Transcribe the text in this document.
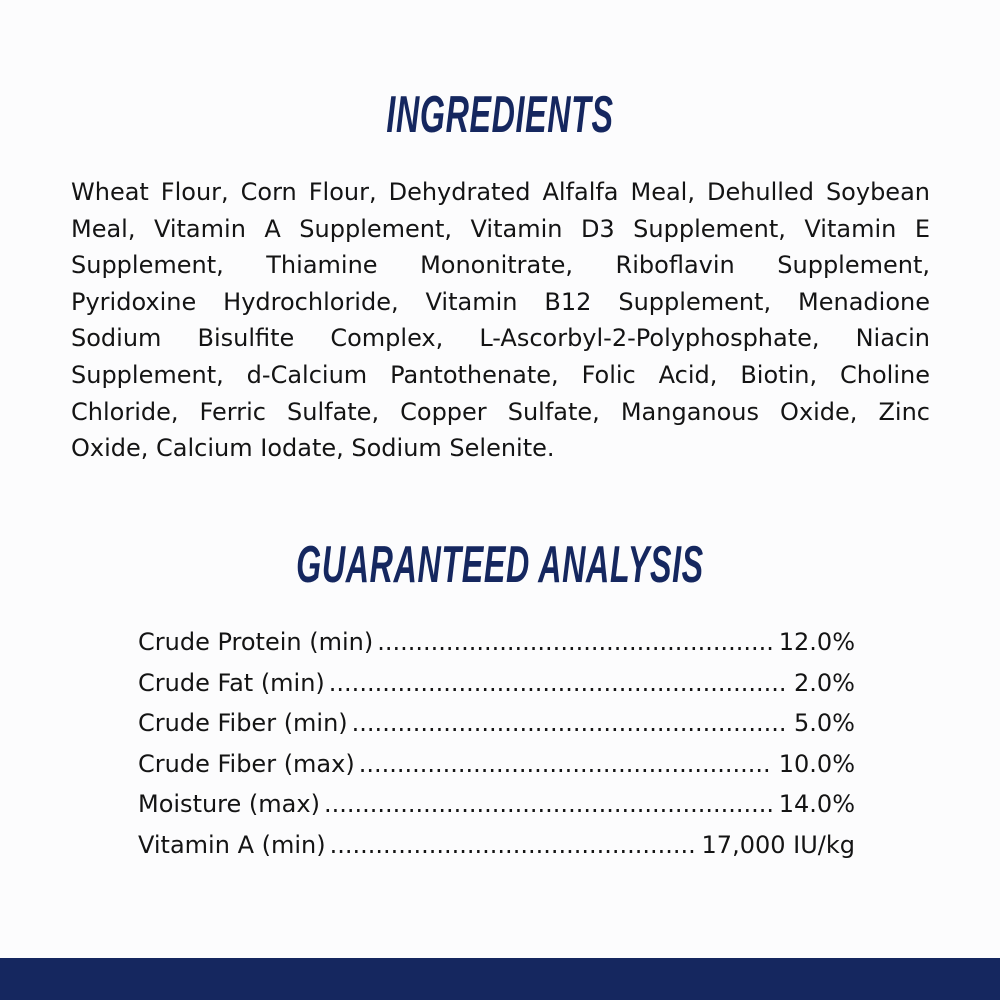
INGREDIENTS
Wheat Flour, Corn Flour, Dehydrated Alfalfa Meal, Dehulled Soybean
Meal, Vitamin A Supplement, Vitamin D3 Supplement, Vitamin E
Supplement, Thiamine Mononitrate, Riboflavin Supplement,
Pyridoxine Hydrochloride, Vitamin B12 Supplement, Menadione
Sodium Bisulfite Complex, L-Ascorbyl-2-Polyphosphate, Niacin
Supplement, d-Calcium Pantothenate, Folic Acid, Biotin, Choline
Chloride, Ferric Sulfate, Copper Sulfate, Manganous Oxide, Zinc
Oxide, Calcium Iodate, Sodium Selenite.
GUARANTEED ANALYSIS
Crude Protein (min) .....	12.0%
Crude Fat (min) .....	2.0%
Crude Fiber (min) .....	5.0%
Crude Fiber (max) .....	10.0%
Moisture (max) .....	14.0%
Vitamin A (min) .....	17,000 IU/kg
